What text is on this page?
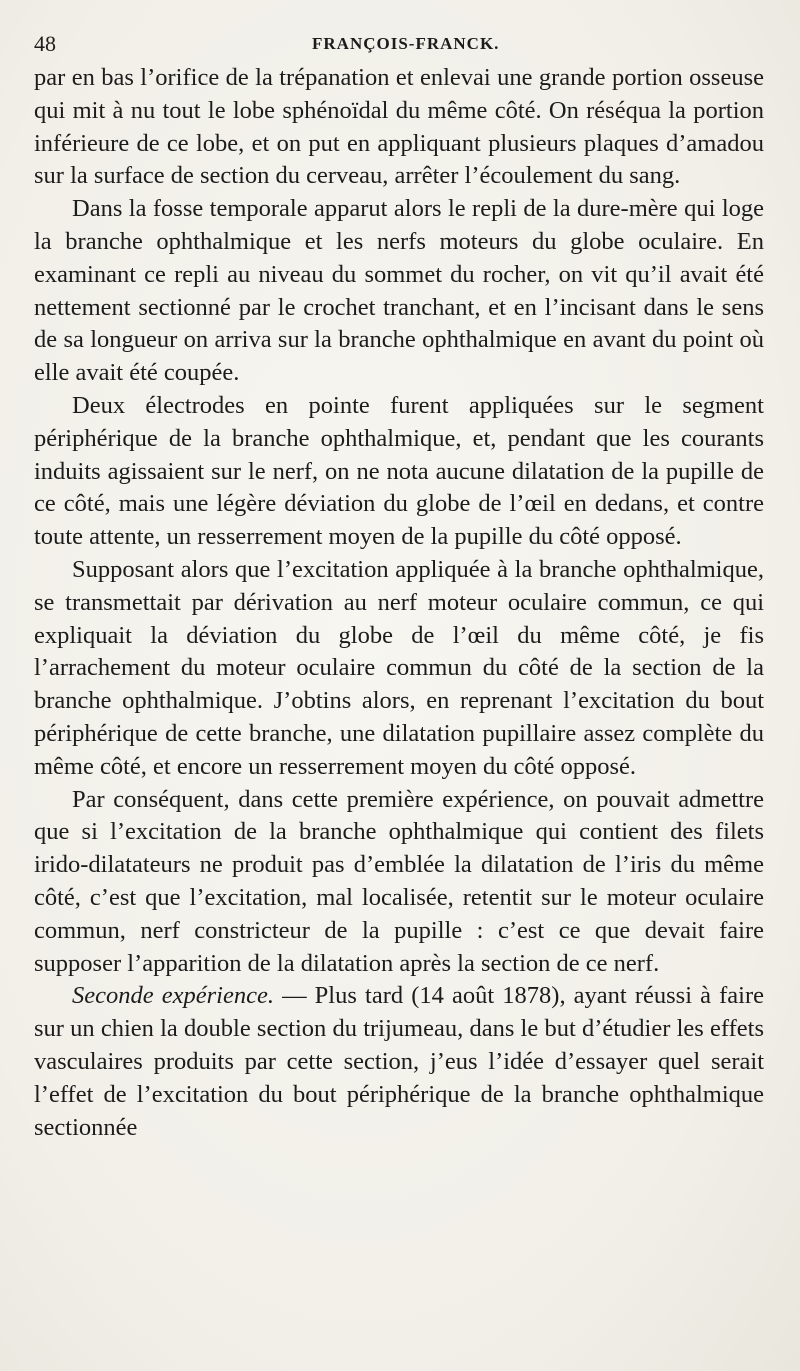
48	FRANÇOIS-FRANCK.

par en bas l’orifice de la trépanation et enlevai une grande portion osseuse qui mit à nu tout le lobe sphénoïdal du même côté. On réséqua la portion inférieure de ce lobe, et on put en appliquant plusieurs plaques d’amadou sur la surface de section du cerveau, arrêter l’écoulement du sang.

Dans la fosse temporale apparut alors le repli de la dure-mère qui loge la branche ophthalmique et les nerfs moteurs du globe oculaire. En examinant ce repli au niveau du sommet du rocher, on vit qu’il avait été nettement sectionné par le crochet tranchant, et en l’incisant dans le sens de sa longueur on arriva sur la branche ophthalmique en avant du point où elle avait été coupée.

Deux électrodes en pointe furent appliquées sur le segment périphérique de la branche ophthalmique, et, pendant que les courants induits agissaient sur le nerf, on ne nota aucune dilatation de la pupille de ce côté, mais une légère déviation du globe de l’œil en dedans, et contre toute attente, un resserrement moyen de la pupille du côté opposé.

Supposant alors que l’excitation appliquée à la branche ophthalmique, se transmettait par dérivation au nerf moteur oculaire commun, ce qui expliquait la déviation du globe de l’œil du même côté, je fis l’arrachement du moteur oculaire commun du côté de la section de la branche ophthalmique. J’obtins alors, en reprenant l’excitation du bout périphérique de cette branche, une dilatation pupillaire assez complète du même côté, et encore un resserrement moyen du côté opposé.

Par conséquent, dans cette première expérience, on pouvait admettre que si l’excitation de la branche ophthalmique qui contient des filets irido-dilatateurs ne produit pas d’emblée la dilatation de l’iris du même côté, c’est que l’excitation, mal localisée, retentit sur le moteur oculaire commun, nerf constricteur de la pupille : c’est ce que devait faire supposer l’apparition de la dilatation après la section de ce nerf.

Seconde expérience. — Plus tard (14 août 1878), ayant réussi à faire sur un chien la double section du trijumeau, dans le but d’étudier les effets vasculaires produits par cette section, j’eus l’idée d’essayer quel serait l’effet de l’excitation du bout périphérique de la branche ophthalmique sectionnée
